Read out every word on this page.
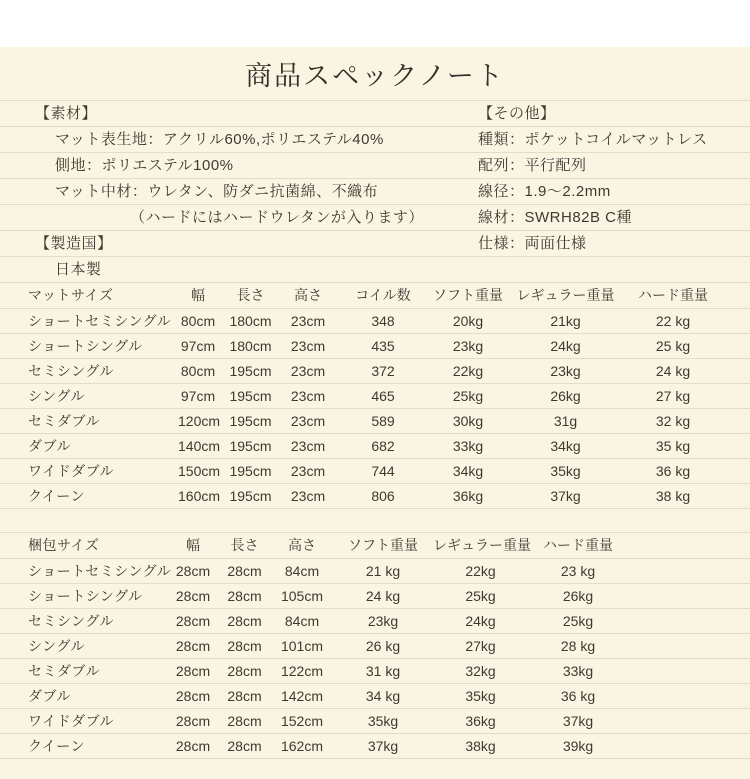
商品スペックノート
【素材】	【その他】
マット表生地：アクリル60%,ポリエステル40%	種類：ポケットコイルマットレス
側地：ポリエステル100%	配列：平行配列
マット中材：ウレタン、防ダニ抗菌綿、不織布	線径：1.9〜2.2mm
（ハードにはハードウレタンが入ります）	線材：SWRH82B C種
【製造国】	仕様：両面仕様
日本製
マットサイズ	幅	長さ	高さ	コイル数	ソフト重量 レギュラー重量	ハード重量
ショートセミシングル 80cm	180cm	23cm	348	20kg	21kg	22 kg
ショートシングル	97cm	180cm	23cm	435	23kg	24kg	25 kg
セミシングル	80cm	195cm	23cm	372	22kg	23kg	24 kg
シングル	97cm	195cm	23cm	465	25kg	26kg	27 kg
セミダブル	120cm 195cm	23cm	589	30kg	31g	32 kg
ダブル	140cm 195cm	23cm	682	33kg	34kg	35 kg
ワイドダブル	150cm 195cm	23cm	744	34kg	35kg	36 kg
クイーン	160cm 195cm	23cm	806	36kg	37kg	38 kg
梱包サイズ	幅	長さ	高さ	ソフト重量	レギュラー重量 ハード重量
ショートセミシングル 28cm	28cm	84cm	21 kg	22kg	23 kg
ショートシングル	28cm	28cm	105cm	24 kg	25kg	26kg
セミシングル	28cm	28cm	84cm	23kg	24kg	25kg
シングル	28cm	28cm	101cm	26 kg	27kg	28 kg
セミダブル	28cm	28cm	122cm	31 kg	32kg	33kg
ダブル	28cm	28cm	142cm	34 kg	35kg	36 kg
ワイドダブル	28cm	28cm	152cm	35kg	36kg	37kg
クイーン	28cm	28cm	162cm	37kg	38kg	39kg
